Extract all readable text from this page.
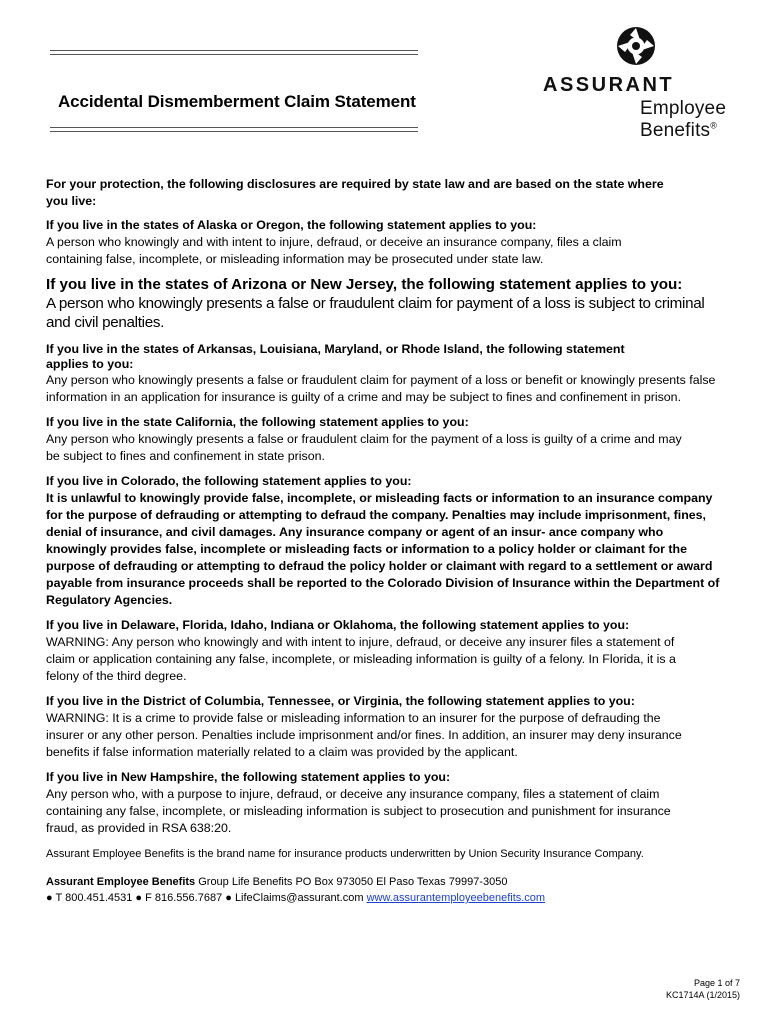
Accidental Dismemberment Claim Statement
ASSURANT
Employee
Benefits®

For your protection, the following disclosures are required by state law and are based on the state where you live:

If you live in the states of Alaska or Oregon, the following statement applies to you:
A person who knowingly and with intent to injure, defraud, or deceive an insurance company, files a claim containing false, incomplete, or misleading information may be prosecuted under state law.
If you live in the states of Arizona or New Jersey, the following statement applies to you:
A person who knowingly presents a false or fraudulent claim for payment of a loss is subject to criminal and civil penalties.
If you live in the states of Arkansas, Louisiana, Maryland, or Rhode Island, the following statement applies to you:
Any person who knowingly presents a false or fraudulent claim for payment of a loss or benefit or knowingly presents false information in an application for insurance is guilty of a crime and may be subject to fines and confinement in prison.
If you live in the state California, the following statement applies to you:
Any person who knowingly presents a false or fraudulent claim for the payment of a loss is guilty of a crime and may be subject to fines and confinement in state prison.
If you live in Colorado, the following statement applies to you:
It is unlawful to knowingly provide false, incomplete, or misleading facts or information to an insurance company for the purpose of defrauding or attempting to defraud the company. Penalties may include imprisonment, fines, denial of insurance, and civil damages. Any insurance company or agent of an insur- ance company who knowingly provides false, incomplete or misleading facts or information to a policy holder or claimant for the purpose of defrauding or attempting to defraud the policy holder or claimant with regard to a settlement or award payable from insurance proceeds shall be reported to the Colorado Division of Insurance within the Department of Regulatory Agencies.
If you live in Delaware, Florida, Idaho, Indiana or Oklahoma, the following statement applies to you:
WARNING: Any person who knowingly and with intent to injure, defraud, or deceive any insurer files a statement of claim or application containing any false, incomplete, or misleading information is guilty of a felony. In Florida, it is a felony of the third degree.
If you live in the District of Columbia, Tennessee, or Virginia, the following statement applies to you:
WARNING: It is a crime to provide false or misleading information to an insurer for the purpose of defrauding the insurer or any other person. Penalties include imprisonment and/or fines. In addition, an insurer may deny insurance benefits if false information materially related to a claim was provided by the applicant.
If you live in New Hampshire, the following statement applies to you:
Any person who, with a purpose to injure, defraud, or deceive any insurance company, files a statement of claim containing any false, incomplete, or misleading information is subject to prosecution and punishment for insurance fraud, as provided in RSA 638:20.
Assurant Employee Benefits is the brand name for insurance products underwritten by Union Security Insurance Company.
Assurant Employee Benefits Group Life Benefits PO Box 973050 El Paso Texas 79997-3050
● T 800.451.4531 ● F 816.556.7687 ● LifeClaims@assurant.com www.assurantemployeebenefits.com
Page 1 of 7
KC1714A (1/2015)
